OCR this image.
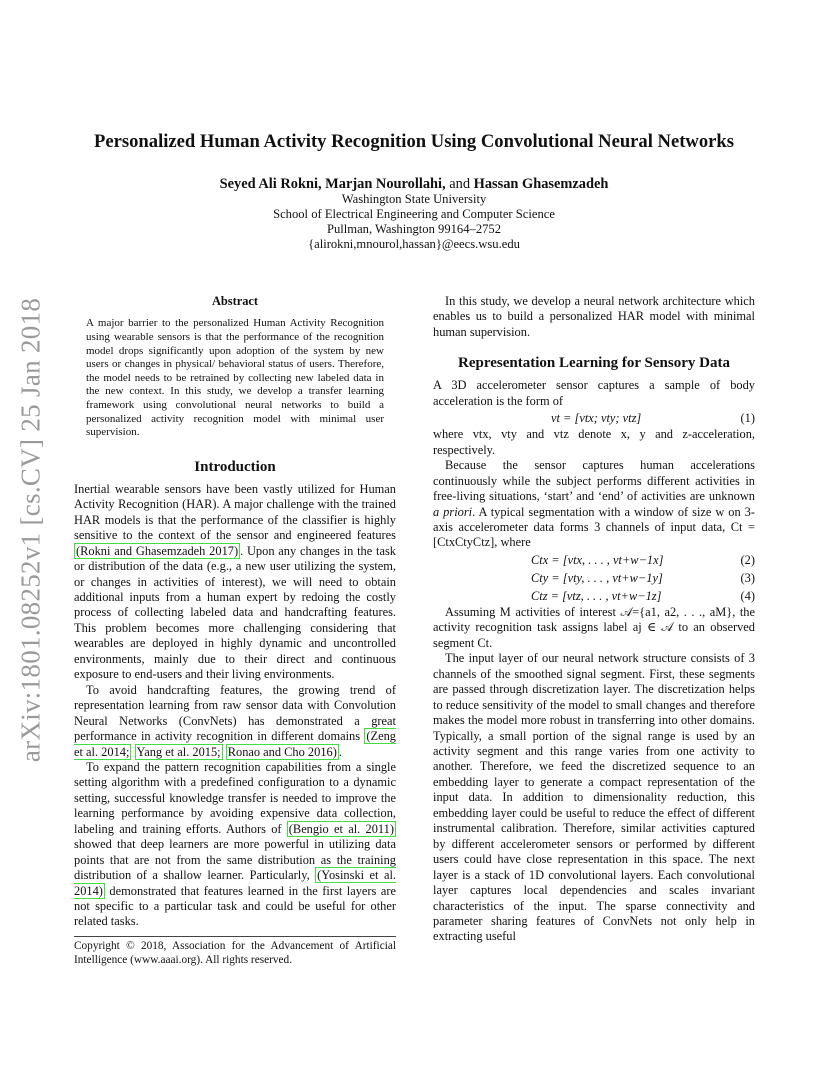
arXiv:1801.08252v1 [cs.CV] 25 Jan 2018
Personalized Human Activity Recognition Using Convolutional Neural Networks
Seyed Ali Rokni, Marjan Nourollahi, and Hassan Ghasemzadeh
Washington State University
School of Electrical Engineering and Computer Science
Pullman, Washington 99164–2752
{alirokni,mnourol,hassan}@eecs.wsu.edu
Abstract

A major barrier to the personalized Human Activity Recognition using wearable sensors is that the performance of the recognition model drops significantly upon adoption of the system by new users or changes in physical/ behavioral status of users. Therefore, the model needs to be retrained by collecting new labeled data in the new context. In this study, we develop a transfer learning framework using convolutional neural networks to build a personalized activity recognition model with minimal user supervision.

Introduction

Inertial wearable sensors have been vastly utilized for Human Activity Recognition (HAR). A major challenge with the trained HAR models is that the performance of the classifier is highly sensitive to the context of the sensor and engineered features (Rokni and Ghasemzadeh 2017) . Upon any changes in the task or distribution of the data (e.g., a new user utilizing the system, or changes in activities of interest), we will need to obtain additional inputs from a human expert by redoing the costly process of collecting labeled data and handcrafting features. This problem becomes more challenging considering that wearables are deployed in highly dynamic and uncontrolled environments, mainly due to their direct and continuous exposure to end-users and their living environments.

To avoid handcrafting features, the growing trend of representation learning from raw sensor data with Convolution Neural Networks (ConvNets) has demonstrated a great performance in activity recognition in different domains (Zeng et al. 2014; Yang et al. 2015; Ronao and Cho 2016) .

To expand the pattern recognition capabilities from a single setting algorithm with a predefined configuration to a dynamic setting, successful knowledge transfer is needed to improve the learning performance by avoiding expensive data collection, labeling and training efforts. Authors of (Bengio et al. 2011) showed that deep learners are more powerful in utilizing data points that are not from the same distribution as the training distribution of a shallow learner. Particularly, (Yosinski et al. 2014) demonstrated that features learned in the first layers are not specific to a particular task and could be useful for other related tasks.

Copyright © 2018, Association for the Advancement of Artificial Intelligence (www.aaai.org). All rights reserved.

In this study, we develop a neural network architecture which enables us to build a personalized HAR model with minimal human supervision.

Representation Learning for Sensory Data

A 3D accelerometer sensor captures a sample of body acceleration is the form of

vt = [vtx; vty; vtz]	(1)

where vtx, vty and vtz denote x, y and z-acceleration, respectively.

Because the sensor captures human accelerations continuously while the subject performs different activities in free-living situations, ‘start’ and ‘end’ of activities are unknown a priori. A typical segmentation with a window of size w on 3-axis accelerometer data forms 3 channels of input data, Ct = [CtxCtyCtz], where

Ctx = [vtx, . . . , vt+w−1x]	(2)
Cty = [vty, . . . , vt+w−1y]	(3)
Ctz = [vtz, . . . , vt+w−1z]	(4)

Assuming M activities of interest 𝒜={a1, a2, . . ., aM}, the activity recognition task assigns label aj ∈ 𝒜 to an observed segment Ct.

The input layer of our neural network structure consists of 3 channels of the smoothed signal segment. First, these segments are passed through discretization layer. The discretization helps to reduce sensitivity of the model to small changes and therefore makes the model more robust in transferring into other domains. Typically, a small portion of the signal range is used by an activity segment and this range varies from one activity to another. Therefore, we feed the discretized sequence to an embedding layer to generate a compact representation of the input data. In addition to dimensionality reduction, this embedding layer could be useful to reduce the effect of different instrumental calibration. Therefore, similar activities captured by different accelerometer sensors or performed by different users could have close representation in this space. The next layer is a stack of 1D convolutional layers. Each convolutional layer captures local dependencies and scales invariant characteristics of the input. The sparse connectivity and parameter sharing features of ConvNets not only help in extracting useful
